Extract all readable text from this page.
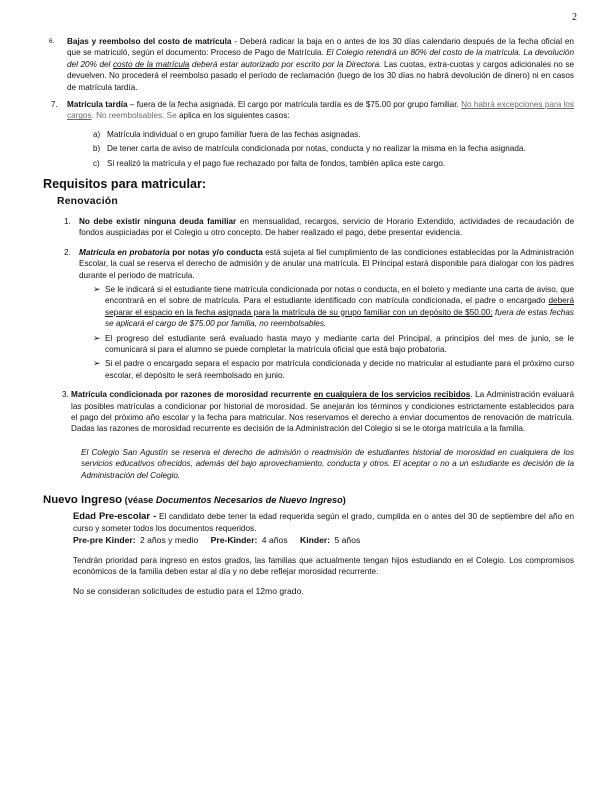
2
6. Bajas y reembolso del costo de matrícula - Deberá radicar la baja en o antes de los 30 días calendario después de la fecha oficial en que se matriculó, según el documento: Proceso de Pago de Matrícula. El Colegio retendrá un 80% del costo de la matrícula. La devolución del 20% del costo de la matrícula deberá estar autorizado por escrito por la Directora. Las cuotas, extra-cuotas y cargos adicionales no se devuelven. No procederá el reembolso pasado el período de reclamación (luego de los 30 días no habrá devolución de dinero) ni en casos de matrícula tardía.
7. Matrícula tardía – fuera de la fecha asignada. El cargo por matrícula tardía es de $75.00 por grupo familiar. No habrá excepciones para los cargos. No reembolsables. Se aplica en los siguientes casos:
a) Matrícula individual o en grupo familiar fuera de las fechas asignadas.
b) De tener carta de aviso de matrícula condicionada por notas, conducta y no realizar la misma en la fecha asignada.
c) Si realizó la matrícula y el pago fue rechazado por falta de fondos, también aplica este cargo.
Requisitos para matricular:
Renovación
1. No debe existir ninguna deuda familiar en mensualidad, recargos, servicio de Horario Extendido, actividades de recaudación de fondos auspiciadas por el Colegio u otro concepto. De haber realizado el pago, debe presentar evidencia.
2. Matrícula en probatoria por notas y/o conducta está sujeta al fiel cumplimiento de las condiciones establecidas por la Administración Escolar, la cual se reserva el derecho de admisión y de anular una matrícula. El Principal estará disponible para dialogar con los padres durante el periodo de matrícula.
➢ Se le indicará si el estudiante tiene matrícula condicionada por notas o conducta, en el boleto y mediante una carta de aviso, que encontrará en el sobre de matrícula. Para el estudiante identificado con matrícula condicionada, el padre o encargado deberá separar el espacio en la fecha asignada para la matrícula de su grupo familiar con un depósito de $50.00; fuera de estas fechas se aplicará el cargo de $75.00 por familia, no reembolsables.
➢ El progreso del estudiante será evaluado hasta mayo y mediante carta del Principal, a principios del mes de junio, se le comunicará si para el alumno se puede completar la matrícula oficial que está bajo probatoria.
➢ Si el padre o encargado separa el espacio por matrícula condicionada y decide no matricular al estudiante para el próximo curso escolar, el depósito le será reembolsado en junio.
3. Matrícula condicionada por razones de morosidad recurrente en cualquiera de los servicios recibidos. La Administración evaluará las posibles matrículas a condicionar por historial de morosidad. Se anejarán los términos y condiciones estrictamente establecidos para el pago del próximo año escolar y la fecha para matricular. Nos reservamos el derecho a enviar documentos de renovación de matrícula. Dadas las razones de morosidad recurrente es decisión de la Administración del Colegio si se le otorga matrícula a la familia.
El Colegio San Agustín se reserva el derecho de admisión o readmisión de estudiantes historial de morosidad en cualquiera de los servicios educativos ofrecidos, además del bajo aprovechamiento, conducta y otros. El aceptar o no a un estudiante es decisión de la Administración del Colegio.
Nuevo Ingreso (véase Documentos Necesarios de Nuevo Ingreso)
Edad Pre-escolar - El candidato debe tener la edad requerida según el grado, cumplida en o antes del 30 de septiembre del año en curso y someter todos los documentos requeridos.
Pre-pre Kinder: 2 años y medio Pre-Kinder: 4 años Kinder: 5 años
Tendrán prioridad para ingreso en estos grados, las familias que actualmente tengan hijos estudiando en el Colegio. Los compromisos económicos de la familia deben estar al día y no debe reflejar morosidad recurrente.
No se consideran solicitudes de estudio para el 12mo grado.
